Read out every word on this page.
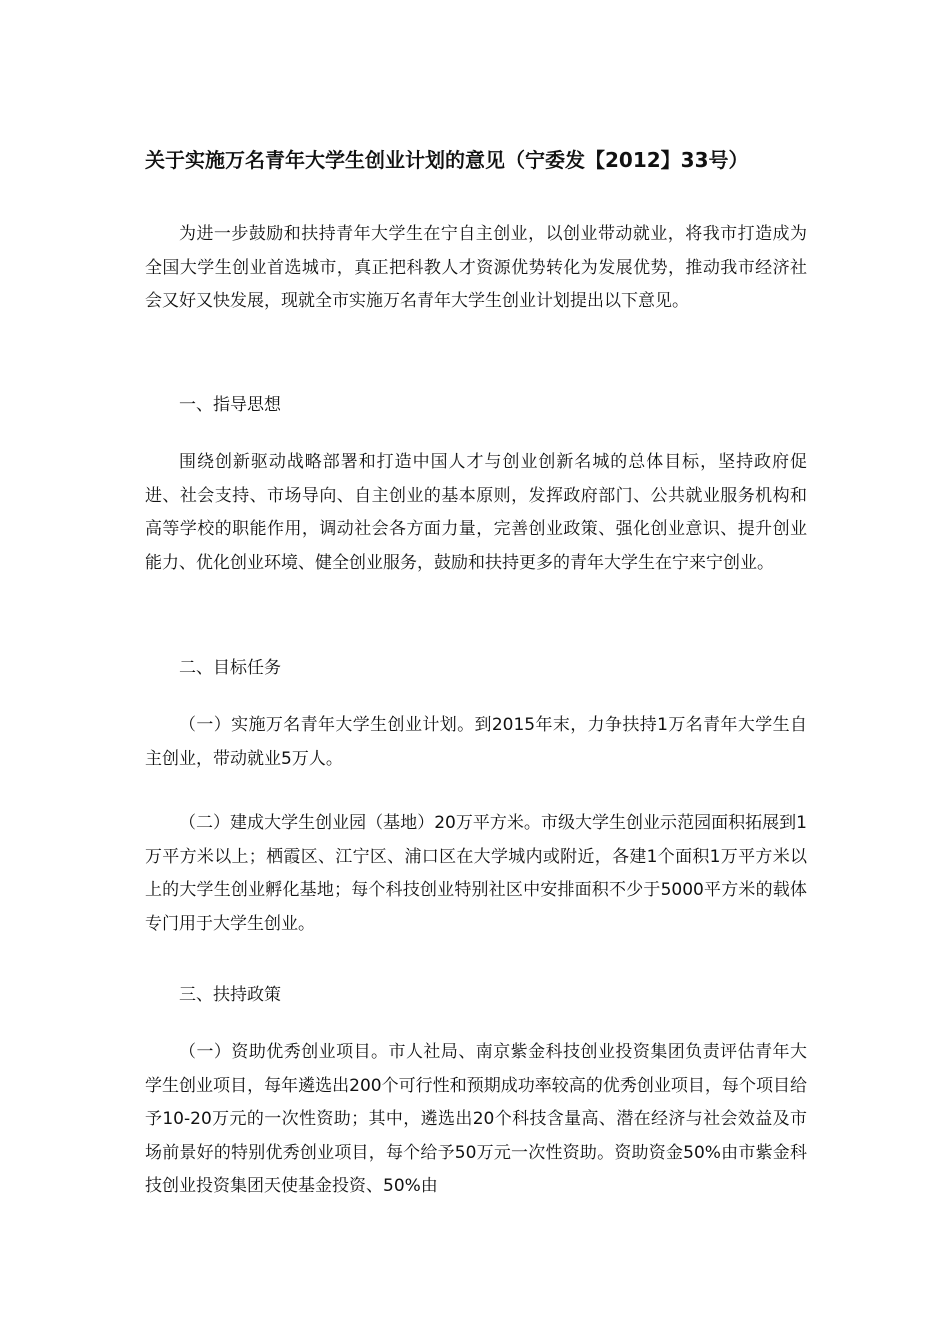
关于实施万名青年大学生创业计划的意见（宁委发【2012】33号）

为进一步鼓励和扶持青年大学生在宁自主创业，以创业带动就业，将我市打造成为全国大学生创业首选城市，真正把科教人才资源优势转化为发展优势，推动我市经济社会又好又快发展，现就全市实施万名青年大学生创业计划提出以下意见。

一、指导思想

围绕创新驱动战略部署和打造中国人才与创业创新名城的总体目标，坚持政府促进、社会支持、市场导向、自主创业的基本原则，发挥政府部门、公共就业服务机构和高等学校的职能作用，调动社会各方面力量，完善创业政策、强化创业意识、提升创业能力、优化创业环境、健全创业服务，鼓励和扶持更多的青年大学生在宁来宁创业。

二、目标任务

（一）实施万名青年大学生创业计划。到2015年末，力争扶持1万名青年大学生自主创业，带动就业5万人。

（二）建成大学生创业园（基地）20万平方米。市级大学生创业示范园面积拓展到1万平方米以上；栖霞区、江宁区、浦口区在大学城内或附近，各建1个面积1万平方米以上的大学生创业孵化基地；每个科技创业特别社区中安排面积不少于5000平方米的载体专门用于大学生创业。

三、扶持政策

（一）资助优秀创业项目。市人社局、南京紫金科技创业投资集团负责评估青年大学生创业项目，每年遴选出200个可行性和预期成功率较高的优秀创业项目，每个项目给予10-20万元的一次性资助；其中，遴选出20个科技含量高、潜在经济与社会效益及市场前景好的特别优秀创业项目，每个给予50万元一次性资助。资助资金50%由市紫金科技创业投资集团天使基金投资、50%由
